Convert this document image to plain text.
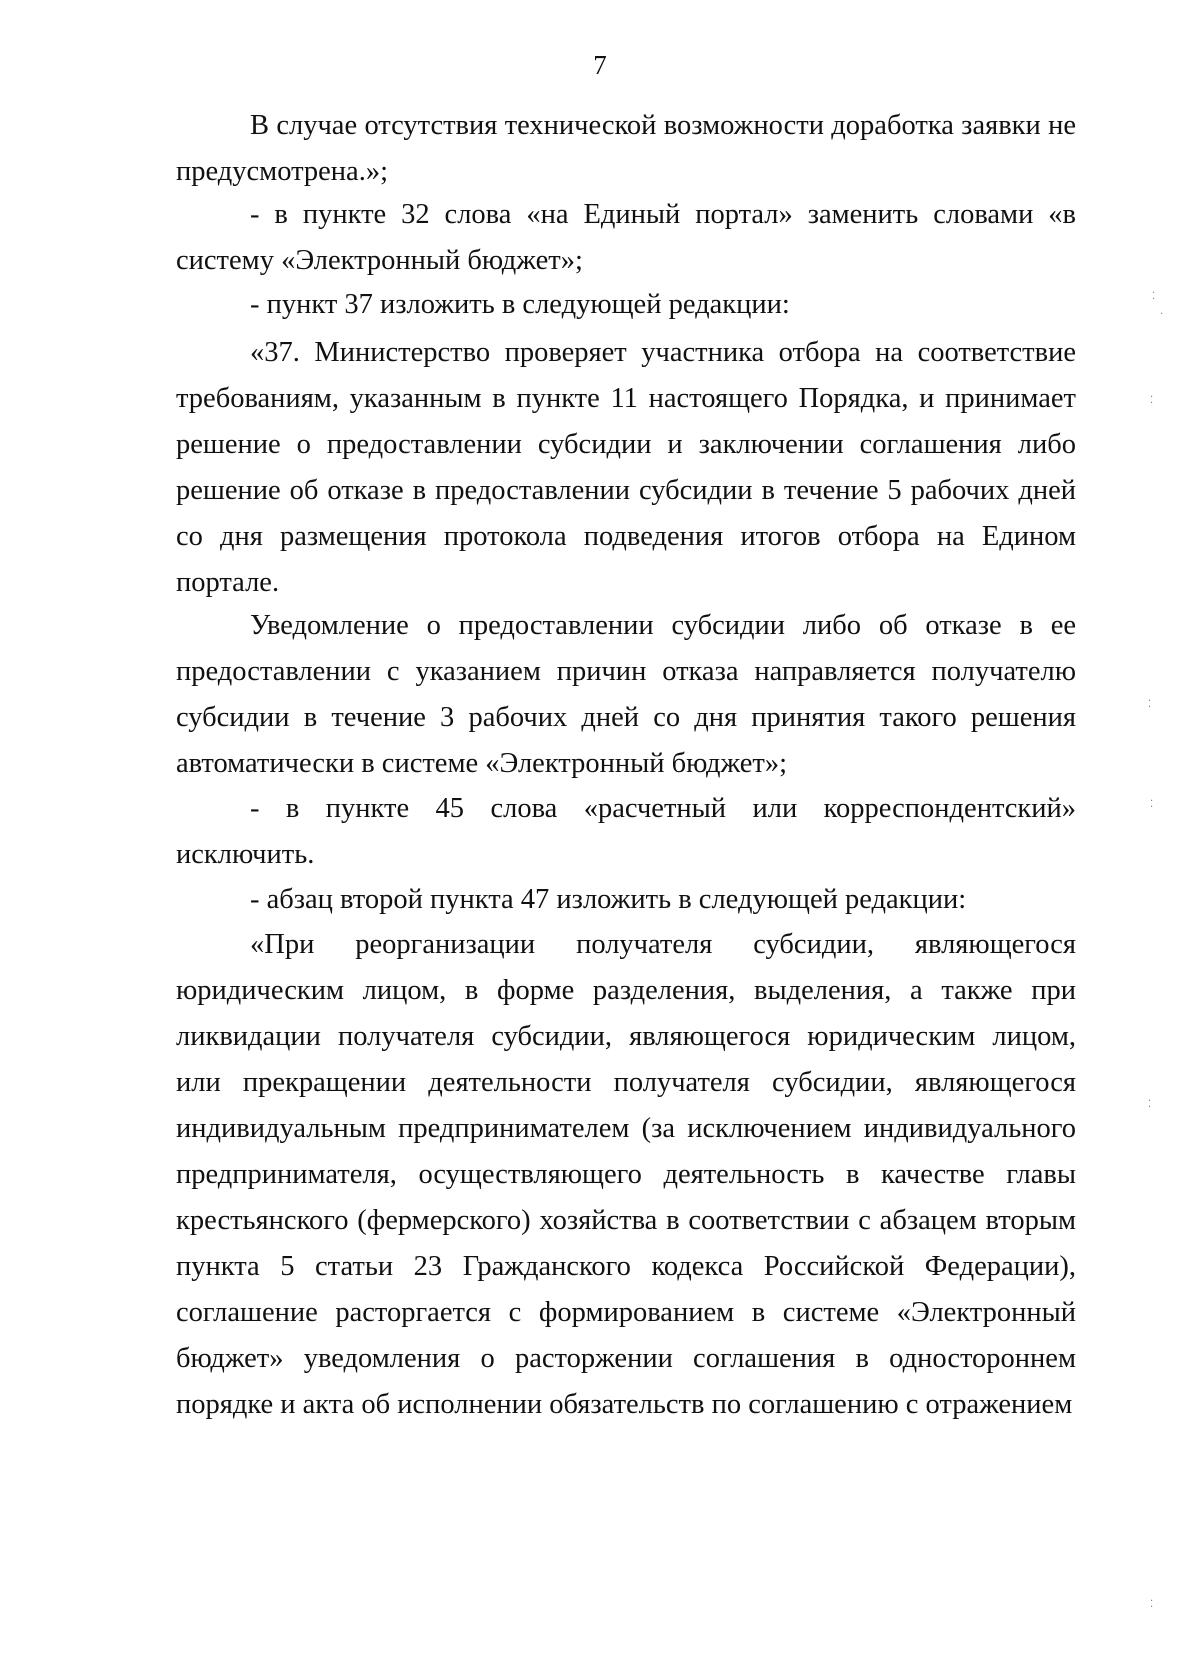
7

В случае отсутствия технической возможности доработка заявки не предусмотрена.»;

- в пункте 32 слова «на Единый портал» заменить словами «в систему «Электронный бюджет»;

- пункт 37 изложить в следующей редакции:

«37. Министерство проверяет участника отбора на соответствие требованиям, указанным в пункте 11 настоящего Порядка, и принимает решение о предоставлении субсидии и заключении соглашения либо решение об отказе в предоставлении субсидии в течение 5 рабочих дней со дня размещения протокола подведения итогов отбора на Едином портале.

Уведомление о предоставлении субсидии либо об отказе в ее предоставлении с указанием причин отказа направляется получателю субсидии в течение 3 рабочих дней со дня принятия такого решения автоматически в системе «Электронный бюджет»;

- в пункте 45 слова «расчетный или корреспондентский» исключить.

- абзац второй пункта 47 изложить в следующей редакции:

«При реорганизации получателя субсидии, являющегося юридическим лицом, в форме разделения, выделения, а также при ликвидации получателя субсидии, являющегося юридическим лицом, или прекращении деятельности получателя субсидии, являющегося индивидуальным предпринимателем (за исключением индивидуального предпринимателя, осуществляющего деятельность в качестве главы крестьянского (фермерского) хозяйства в соответствии с абзацем вторым пункта 5 статьи 23 Гражданского кодекса Российской Федерации), соглашение расторгается с формированием в системе «Электронный бюджет» уведомления о расторжении соглашения в одностороннем порядке и акта об исполнении обязательств по соглашению с отражением

⁚
·
⁚
⁚
⁚
⁚
⁚
